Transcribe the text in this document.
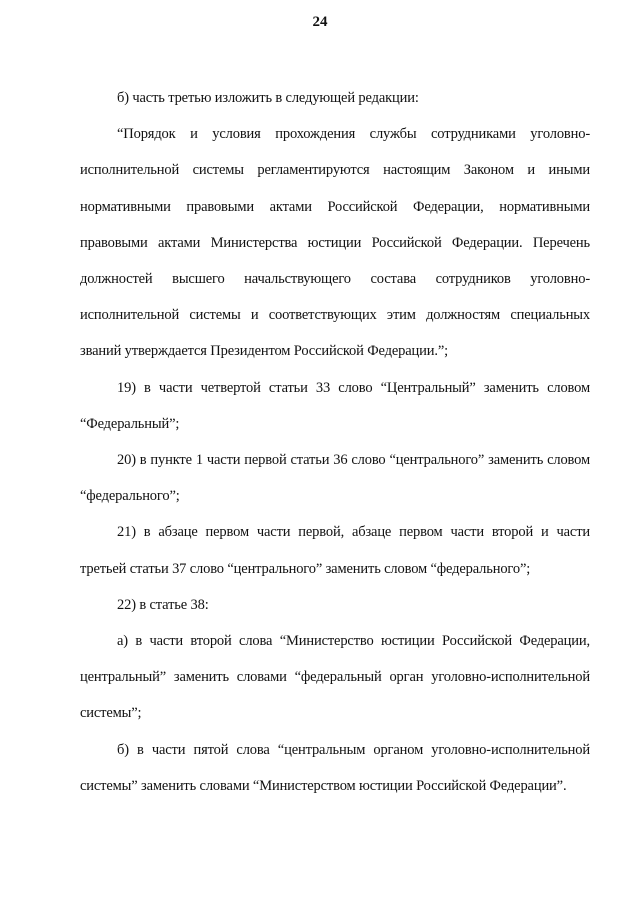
24

б) часть третью изложить в следующей редакции:

“Порядок и условия прохождения службы сотрудниками уголовно-исполнительной системы регламентируются настоящим Законом и иными нормативными правовыми актами Российской Федерации, нормативными правовыми актами Министерства юстиции Российской Федерации. Перечень должностей высшего начальствующего состава сотрудников уголовно-исполнительной системы и соответствующих этим должностям специальных званий утверждается Президентом Российской Федерации.”;

19) в части четвертой статьи 33 слово “Центральный” заменить словом “Федеральный”;

20) в пункте 1 части первой статьи 36 слово “центрального” заменить словом “федерального”;

21) в абзаце первом части первой, абзаце первом части второй и части третьей статьи 37 слово “центрального” заменить словом “федерального”;

22) в статье 38:

а) в части второй слова “Министерство юстиции Российской Федерации, центральный” заменить словами “федеральный орган уголовно-исполнительной системы”;

б) в части пятой слова “центральным органом уголовно-исполнительной системы” заменить словами “Министерством юстиции Российской Федерации”.
